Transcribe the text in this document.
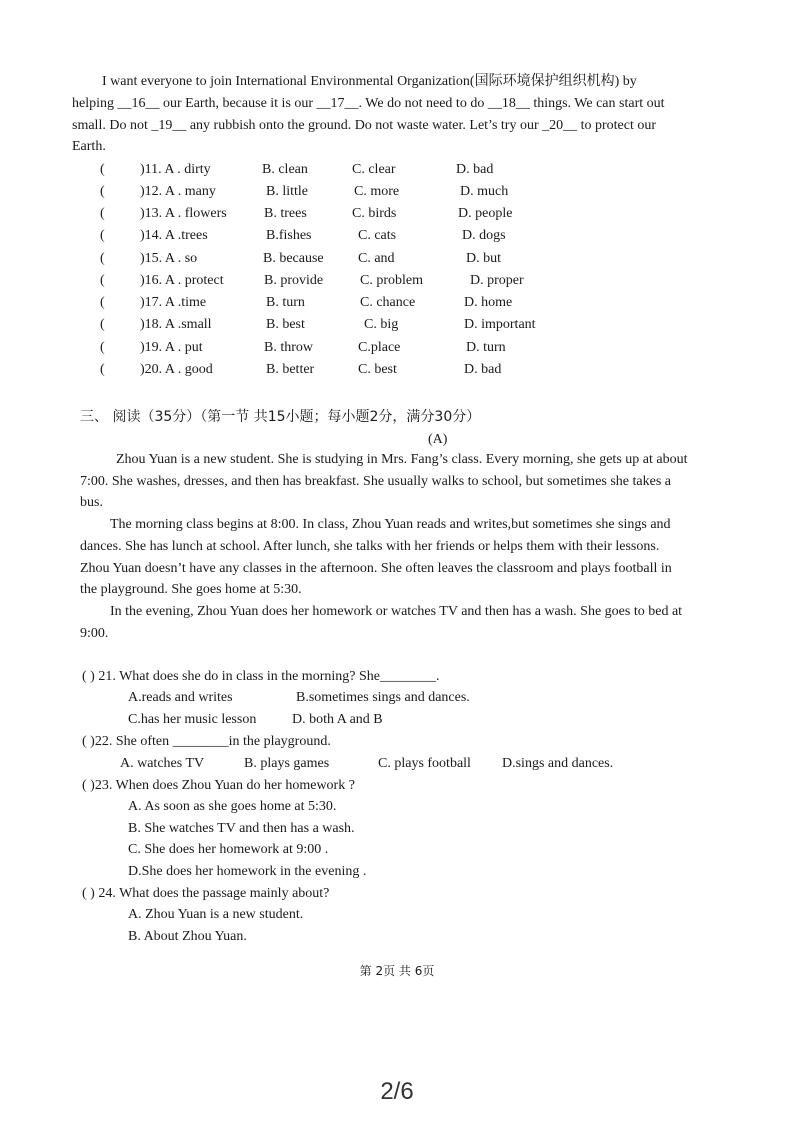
I want everyone to join International Environmental Organization(国际环境保护组织机构) by
helping __16__ our Earth, because it is our __17__. We do not need to do __18__ things. We can start out
small. Do not _19__ any rubbish onto the ground. Do not waste water. Let’s try our _20__ to protect our
Earth.
(	)11. A . dirty	B. clean	C. clear	D. bad
(	)12. A . many	B. little	C. more	D. much
(	)13. A . flowers	B. trees	C. birds	D. people
(	)14. A .trees	B.fishes	C. cats	D. dogs
(	)15. A . so	B. because C. and	D. but
(	)16. A . protect	B. provide	C. problem	D. proper
(	)17. A .time	B. turn	C. chance	D. home
(	)18. A .small	B. best	C. big	D. important
(	)19. A . put	B. throw	C.place	D. turn
(	)20. A . good	B. better	C. best	D. bad
三、 阅读（35分）（第一节 共15小题；每小题2分，满分30分）
(A)
Zhou Yuan is a new student. She is studying in Mrs. Fang’s class. Every morning, she gets up at about
7:00. She washes, dresses, and then has breakfast. She usually walks to school, but sometimes she takes a
bus.
The morning class begins at 8:00. In class, Zhou Yuan reads and writes,but sometimes she sings and
dances. She has lunch at school. After lunch, she talks with her friends or helps them with their lessons.
Zhou Yuan doesn’t have any classes in the afternoon. She often leaves the classroom and plays football in
the playground. She goes home at 5:30.
In the evening, Zhou Yuan does her homework or watches TV and then has a wash. She goes to bed at
9:00.
( ) 21. What does she do in class in the morning? She________.
A.reads and writes	B.sometimes sings and dances.
C.has her music lesson	D. both A and B
( )22. She often ________in the playground.
A. watches TV	B. plays games	C. plays football D.sings and dances.
( )23. When does Zhou Yuan do her homework ?
A. As soon as she goes home at 5:30.
B. She watches TV and then has a wash.
C. She does her homework at 9:00 .
D.She does her homework in the evening .
( ) 24. What does the passage mainly about?
A. Zhou Yuan is a new student.
B. About Zhou Yuan.
第 2页 共 6页
2/6
